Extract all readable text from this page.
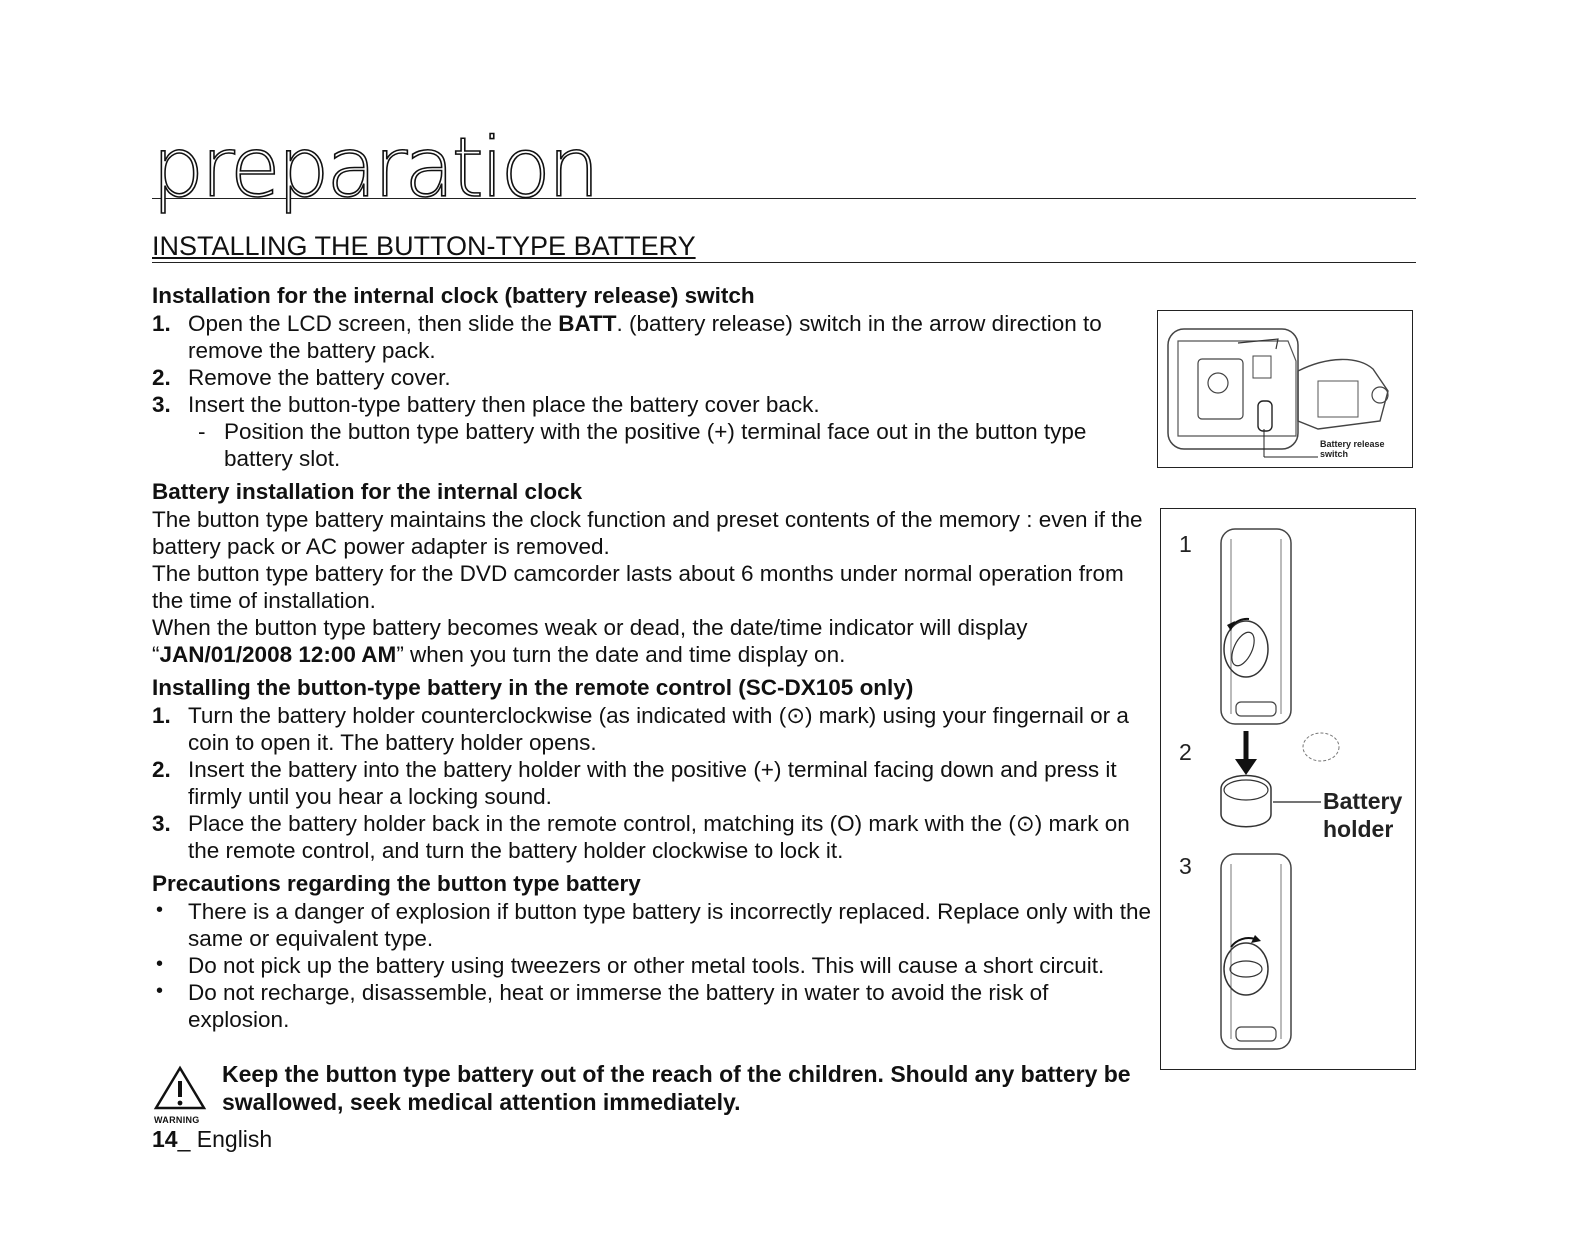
preparation
INSTALLING THE BUTTON-TYPE BATTERY
Installation for the internal clock (battery release) switch
1. Open the LCD screen, then slide the BATT. (battery release) switch in the arrow direction to remove the battery pack.
2. Remove the battery cover.
3. Insert the button-type battery then place the battery cover back.
- Position the button type battery with the positive (+) terminal face out in the button type battery slot.
Battery installation for the internal clock

The button type battery maintains the clock function and preset contents of the memory : even if the battery pack or AC power adapter is removed.

The button type battery for the DVD camcorder lasts about 6 months under normal operation from the time of installation.

When the button type battery becomes weak or dead, the date/time indicator will display “JAN/01/2008 12:00 AM” when you turn the date and time display on.

Installing the button-type battery in the remote control (SC-DX105 only)
1. Turn the battery holder counterclockwise (as indicated with (⊙) mark) using your fingernail or a coin to open it. The battery holder opens.
2. Insert the battery into the battery holder with the positive (+) terminal facing down and press it firmly until you hear a locking sound.
3. Place the battery holder back in the remote control, matching its (O) mark with the (⊙) mark on the remote control, and turn the battery holder clockwise to lock it.
Precautions regarding the button type battery
• There is a danger of explosion if button type battery is incorrectly replaced. Replace only with the same or equivalent type.
• Do not pick up the battery using tweezers or other metal tools. This will cause a short circuit.
• Do not recharge, disassemble, heat or immerse the battery in water to avoid the risk of explosion.
WARNING
Keep the button type battery out of the reach of the children. Should any battery be swallowed, seek medical attention immediately.
14_ English
Battery release
switch
1
2
3
Battery
holder
